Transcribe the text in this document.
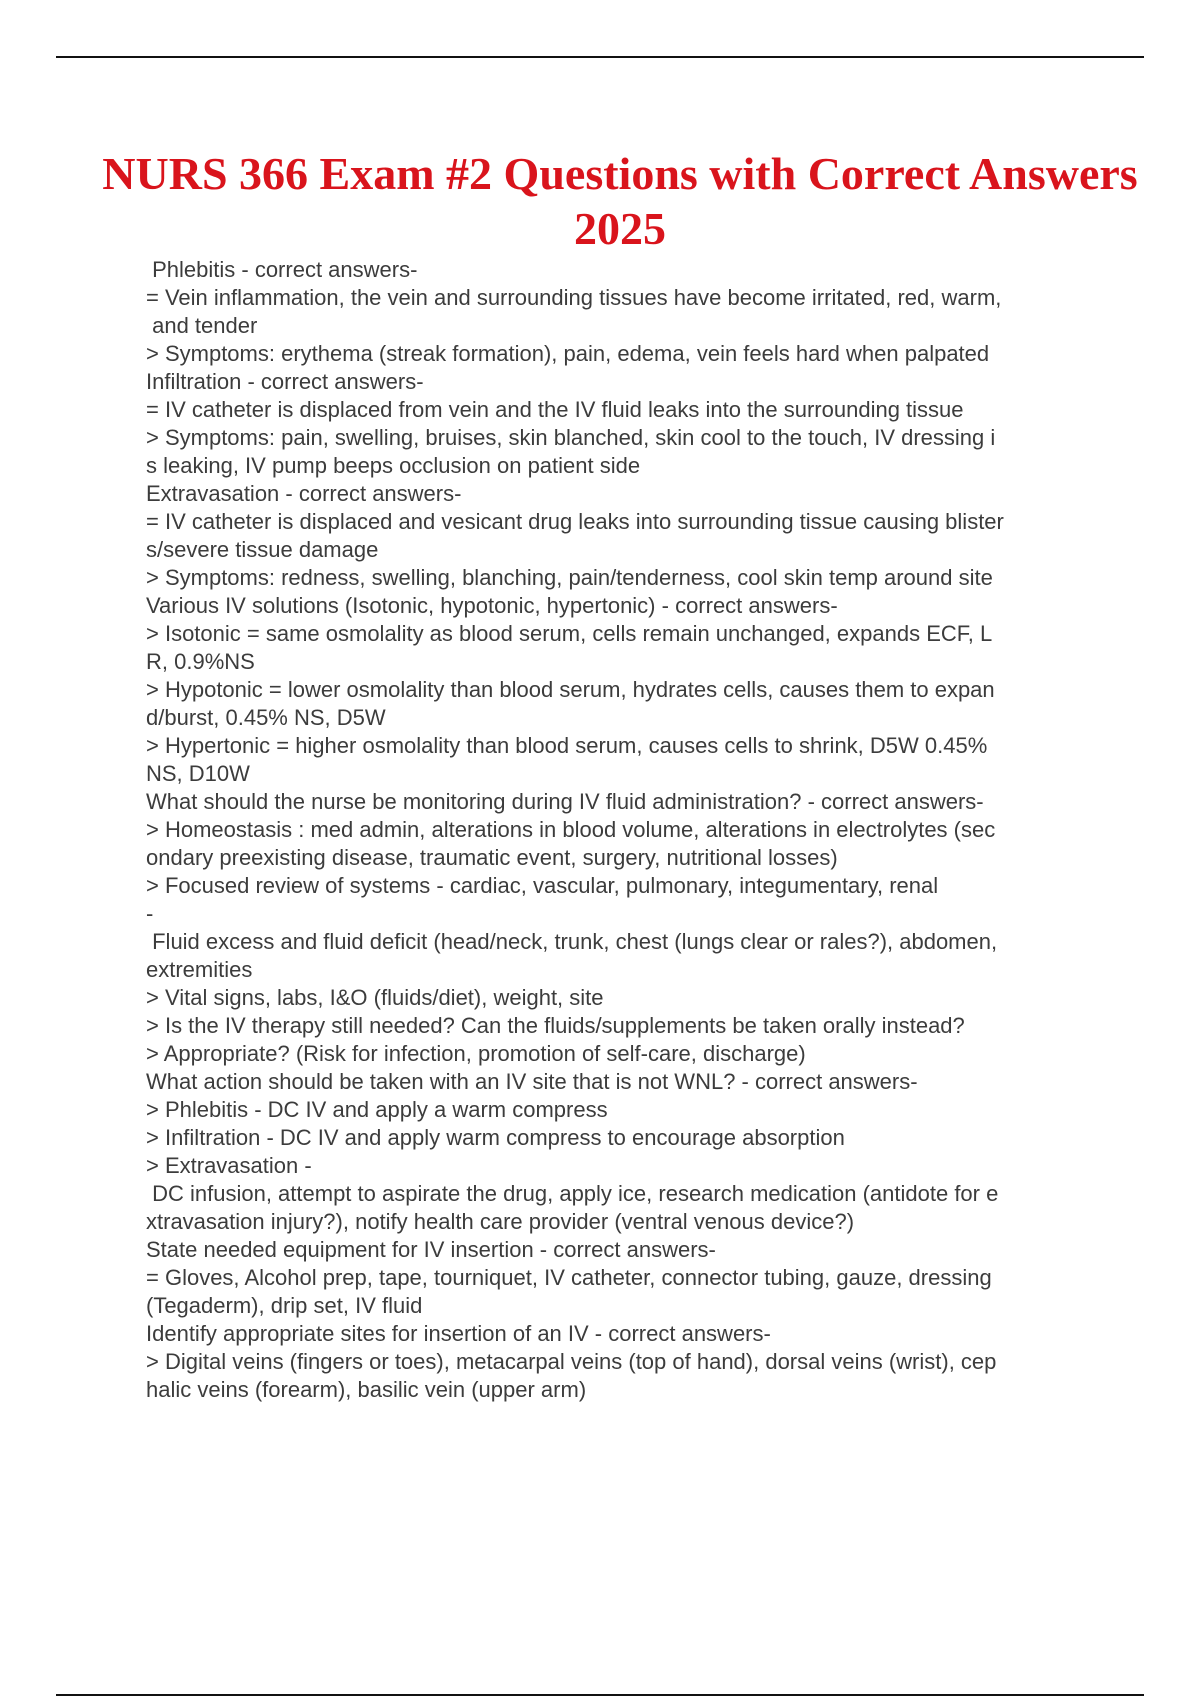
NURS 366 Exam #2 Questions with Correct Answers 2025
Phlebitis - correct answers-
= Vein inflammation, the vein and surrounding tissues have become irritated, red, warm,
and tender
> Symptoms: erythema (streak formation), pain, edema, vein feels hard when palpated
Infiltration - correct answers-
= IV catheter is displaced from vein and the IV fluid leaks into the surrounding tissue
> Symptoms: pain, swelling, bruises, skin blanched, skin cool to the touch, IV dressing i
s leaking, IV pump beeps occlusion on patient side
Extravasation - correct answers-
= IV catheter is displaced and vesicant drug leaks into surrounding tissue causing blister
s/severe tissue damage
> Symptoms: redness, swelling, blanching, pain/tenderness, cool skin temp around site
Various IV solutions (Isotonic, hypotonic, hypertonic) - correct answers-
> Isotonic = same osmolality as blood serum, cells remain unchanged, expands ECF, L
R, 0.9%NS
> Hypotonic = lower osmolality than blood serum, hydrates cells, causes them to expan
d/burst, 0.45% NS, D5W
> Hypertonic = higher osmolality than blood serum, causes cells to shrink, D5W 0.45%
NS, D10W
What should the nurse be monitoring during IV fluid administration? - correct answers-
> Homeostasis : med admin, alterations in blood volume, alterations in electrolytes (sec
ondary preexisting disease, traumatic event, surgery, nutritional losses)
> Focused review of systems - cardiac, vascular, pulmonary, integumentary, renal
-
Fluid excess and fluid deficit (head/neck, trunk, chest (lungs clear or rales?), abdomen,
extremities
> Vital signs, labs, I&O (fluids/diet), weight, site
> Is the IV therapy still needed? Can the fluids/supplements be taken orally instead?
> Appropriate? (Risk for infection, promotion of self-care, discharge)
What action should be taken with an IV site that is not WNL? - correct answers-
> Phlebitis - DC IV and apply a warm compress
> Infiltration - DC IV and apply warm compress to encourage absorption
> Extravasation -
DC infusion, attempt to aspirate the drug, apply ice, research medication (antidote for e
xtravasation injury?), notify health care provider (ventral venous device?)
State needed equipment for IV insertion - correct answers-
= Gloves, Alcohol prep, tape, tourniquet, IV catheter, connector tubing, gauze, dressing
(Tegaderm), drip set, IV fluid
Identify appropriate sites for insertion of an IV - correct answers-
> Digital veins (fingers or toes), metacarpal veins (top of hand), dorsal veins (wrist), cep
halic veins (forearm), basilic vein (upper arm)
